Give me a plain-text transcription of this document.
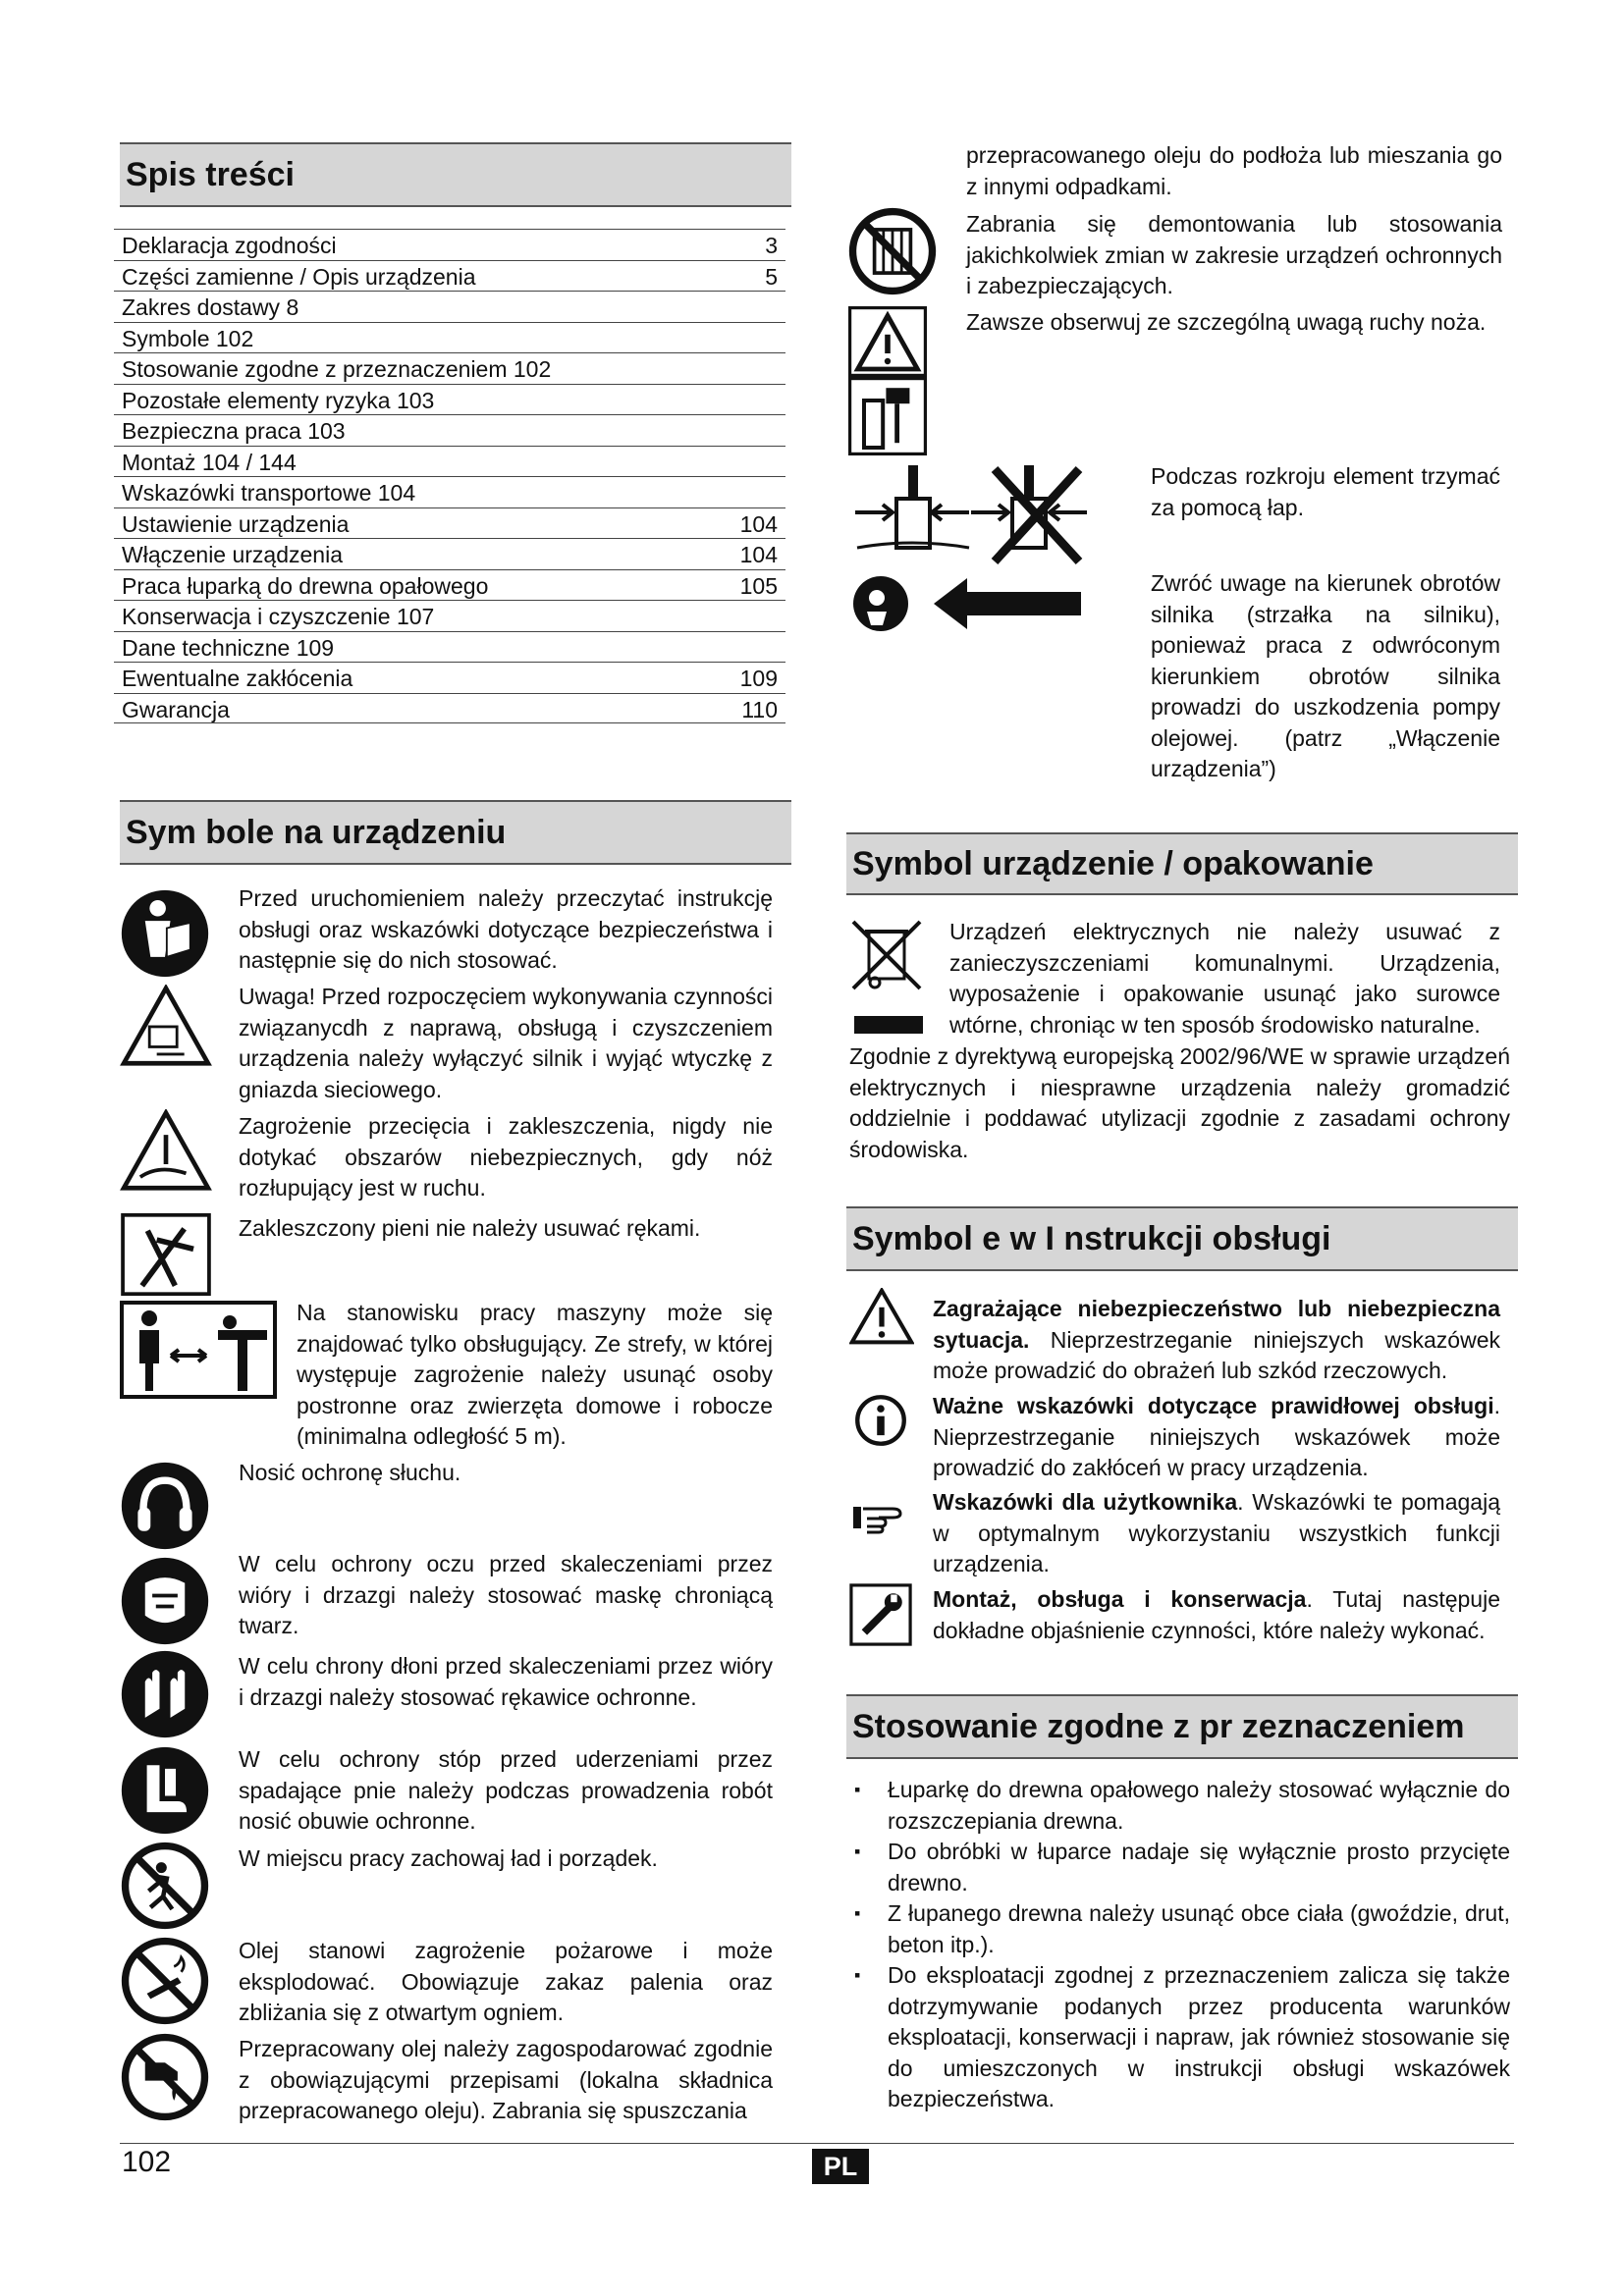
Spis treści
Deklaracja zgodności	3
Części zamienne / Opis urządzenia	5
Zakres dostawy 8
Symbole 102
Stosowanie zgodne z przeznaczeniem 102
Pozostałe elementy ryzyka 103
Bezpieczna praca 103
Montaż 104 / 144
Wskazówki transportowe 104
Ustawienie urządzenia	104
Włączenie urządzenia	104
Praca łuparką do drewna opałowego	105
Konserwacja i czyszczenie 107
Dane techniczne 109
Ewentualne zakłócenia	109
Gwarancja	110
Sym bole na urządzeniu
Przed uruchomieniem należy przeczytać instrukcję obsługi oraz wskazówki dotyczące bezpieczeństwa i następnie się do nich stosować.
Uwaga! Przed rozpoczęciem wykonywania czynności związanycdh z naprawą, obsługą i czyszczeniem urządzenia należy wyłączyć silnik i wyjąć wtyczkę z gniazda sieciowego.
Zagrożenie przecięcia i zakleszczenia, nigdy nie dotykać obszarów niebezpiecznych, gdy nóż rozłupujący jest w ruchu.
Zakleszczony pieni nie należy usuwać rękami.
Na stanowisku pracy maszyny może się znajdować tylko obsługujący. Ze strefy, w której występuje zagrożenie należy usunąć osoby postronne oraz zwierzęta domowe i robocze (minimalna odległość 5 m).
Nosić ochronę słuchu.
W celu ochrony oczu przed skaleczeniami przez wióry i drzazgi należy stosować maskę chroniącą twarz.
W celu chrony dłoni przed skaleczeniami przez wióry i drzazgi należy stosować rękawice ochronne.
W celu ochrony stóp przed uderzeniami przez spadające pnie należy podczas prowadzenia robót nosić obuwie ochronne.
W miejscu pracy zachowaj ład i porządek.
Olej stanowi zagrożenie pożarowe i może eksplodować. Obowiązuje zakaz palenia oraz zbliżania się z otwartym ogniem.
Przepracowany olej należy zagospodarować zgodnie z obowiązującymi przepisami (lokalna składnica przepracowanego oleju). Zabrania się spuszczania
przepracowanego oleju do podłoża lub mieszania go z innymi odpadkami.
Zabrania się demontowania lub stosowania jakichkolwiek zmian w zakresie urządzeń ochronnych i zabezpieczających.
Zawsze obserwuj ze szczególną uwagą ruchy noża.
Podczas rozkroju element trzymać za pomocą łap.
Zwróć uwage na kierunek obrotów silnika (strzałka na silniku), ponieważ praca z odwróconym kierunkiem obrotów silnika prowadzi do uszkodzenia pompy olejowej. (patrz „Włączenie urządzenia”)
Symbol urządzenie / opakowanie
Urządzeń elektrycznych nie należy usuwać z zanieczyszczeniami komunalnymi. Urządzenia, wyposażenie i opakowanie usunąć jako surowce wtórne, chroniąc w ten sposób środowisko naturalne.
Zgodnie z dyrektywą europejską 2002/96/WE w sprawie urządzeń elektrycznych i niesprawne urządzenia należy gromadzić oddzielnie i poddawać utylizacji zgodnie z zasadami ochrony środowiska.
Symbol e w I nstrukcji obsługi
Zagrażające niebezpieczeństwo lub niebezpieczna sytuacja. Nieprzestrzeganie niniejszych wskazówek może prowadzić do obrażeń lub szkód rzeczowych.
Ważne wskazówki dotyczące prawidłowej obsługi. Nieprzestrzeganie niniejszych wskazówek może prowadzić do zakłóceń w pracy urządzenia.
Wskazówki dla użytkownika. Wskazówki te pomagają w optymalnym wykorzystaniu wszystkich funkcji urządzenia.
Montaż, obsługa i konserwacja. Tutaj następuje dokładne objaśnienie czynności, które należy wykonać.
Stosowanie zgodne z pr zeznaczeniem
▪ Łuparkę do drewna opałowego należy stosować wyłącznie do rozszczepiania drewna.
▪ Do obróbki w łuparce nadaje się wyłącznie prosto przycięte drewno.
▪ Z łupanego drewna należy usunąć obce ciała (gwoździe, drut, beton itp.).
▪ Do eksploatacji zgodnej z przeznaczeniem zalicza się także dotrzymywanie podanych przez producenta warunków eksploatacji, konserwacji i napraw, jak również stosowanie się do umieszczonych w instrukcji obsługi wskazówek bezpieczeństwa.
102	PL
